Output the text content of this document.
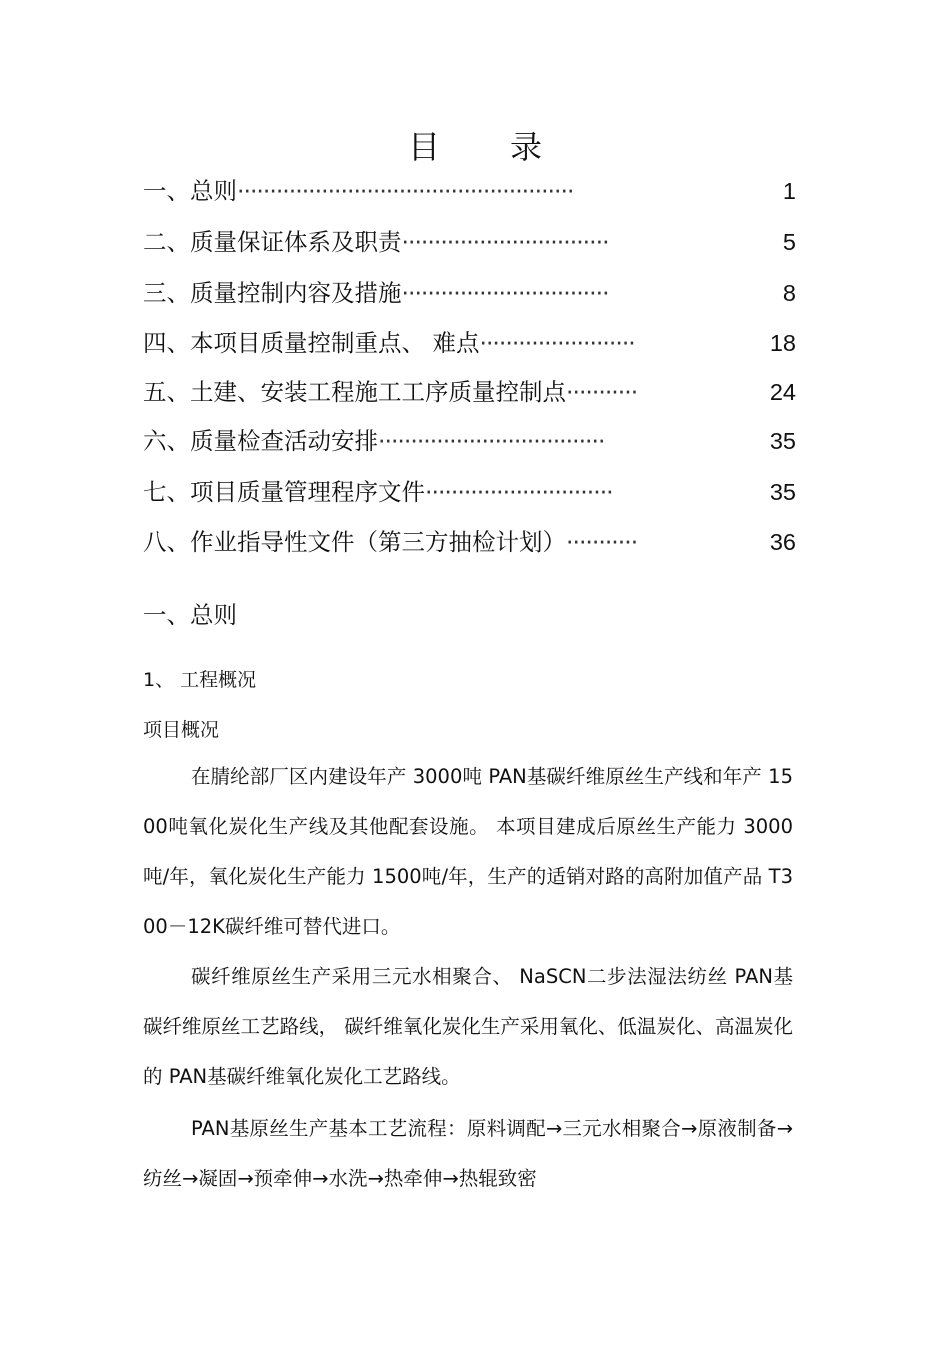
目 录
一、总则····················································	1
二、质量保证体系及职责································	5
三、质量控制内容及措施································	8
四、本项目质量控制重点、 难点························	18
五、土建、安装工程施工工序质量控制点···········	24
六、质量检查活动安排···································	35
七、项目质量管理程序文件·····························	35
八、作业指导性文件（第三方抽检计划）···········	36
一、总则
1、 工程概况
项目概况
在腈纶部厂区内建设年产 3000吨 PAN基碳纤维原丝生产线和年产 1500吨氧化炭化生产线及其他配套设施。 本项目建成后原丝生产能力 3000吨/年，氧化炭化生产能力 1500吨/年，生产的适销对路的高附加值产品 T300－12K碳纤维可替代进口。
碳纤维原丝生产采用三元水相聚合、 NaSCN二步法湿法纺丝 PAN基碳纤维原丝工艺路线， 碳纤维氧化炭化生产采用氧化、低温炭化、高温炭化的 PAN基碳纤维氧化炭化工艺路线。
PAN基原丝生产基本工艺流程：原料调配→三元水相聚合→原液制备→纺丝→凝固→预牵伸→水洗→热牵伸→热辊致密
